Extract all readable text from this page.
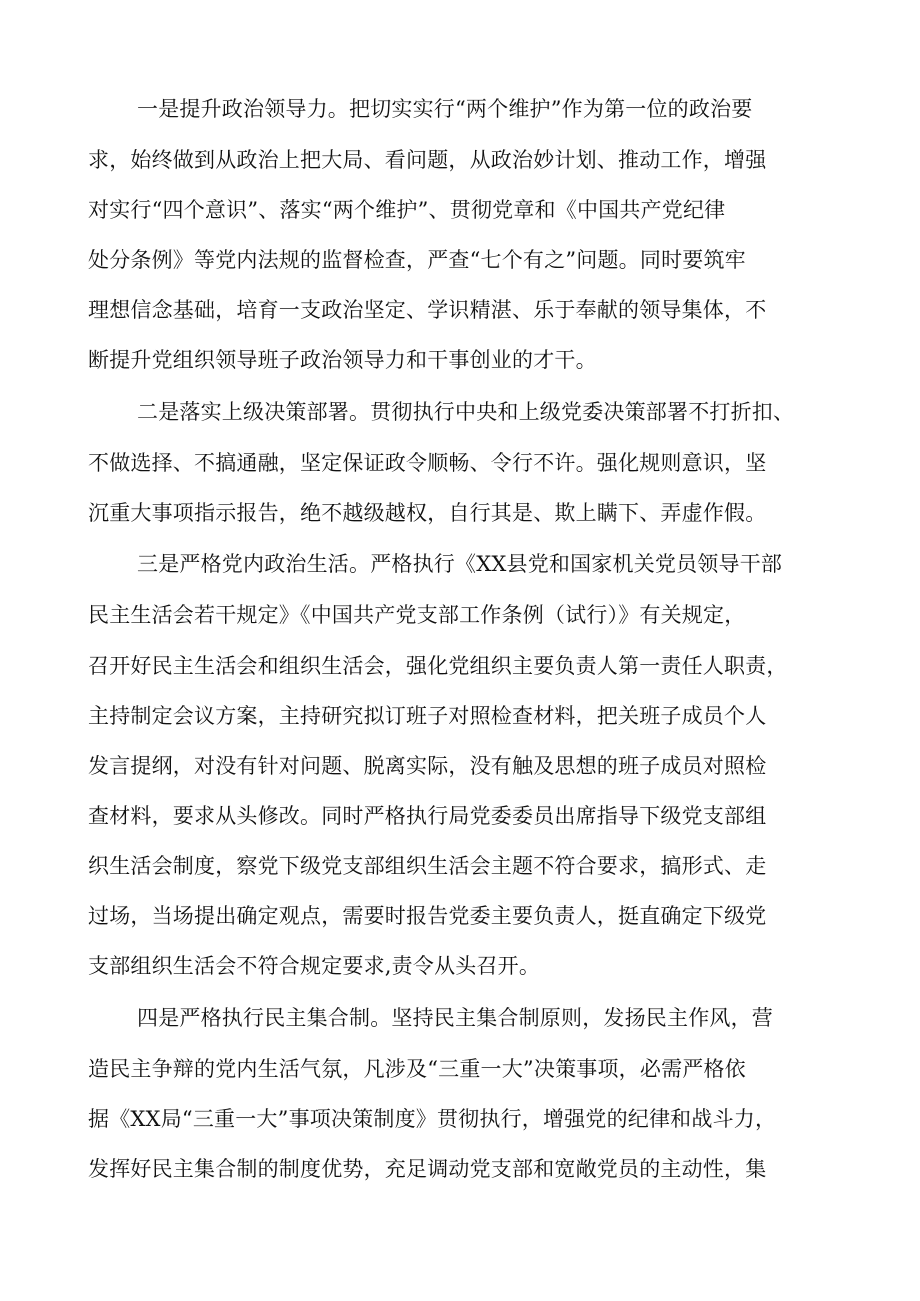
一是提升政治领导力。把切实实行“两个维护”作为第一位的政治要
求，始终做到从政治上把大局、看问题，从政治妙计划、推动工作，增强
对实行“四个意识”、落实“两个维护”、贯彻党章和《中国共产党纪律
处分条例》等党内法规的监督检查，严查“七个有之”问题。同时要筑牢
理想信念基础，培育一支政治坚定、学识精湛、乐于奉献的领导集体，不
断提升党组织领导班子政治领导力和干事创业的才干。
二是落实上级决策部署。贯彻执行中央和上级党委决策部署不打折扣、
不做选择、不搞通融，坚定保证政令顺畅、令行不许。强化规则意识，坚
沉重大事项指示报告，绝不越级越权，自行其是、欺上瞒下、弄虚作假。
三是严格党内政治生活。严格执行《XX县党和国家机关党员领导干部
民主生活会若干规定》《中国共产党支部工作条例（试行）》有关规定，
召开好民主生活会和组织生活会，强化党组织主要负责人第一责任人职责，
主持制定会议方案，主持研究拟订班子对照检查材料，把关班子成员个人
发言提纲，对没有针对问题、脱离实际，没有触及思想的班子成员对照检
查材料，要求从头修改。同时严格执行局党委委员出席指导下级党支部组
织生活会制度，察党下级党支部组织生活会主题不符合要求，搞形式、走
过场，当场提出确定观点，需要时报告党委主要负责人，挺直确定下级党
支部组织生活会不符合规定要求,责令从头召开。
四是严格执行民主集合制。坚持民主集合制原则，发扬民主作风，营
造民主争辩的党内生活气氛，凡涉及“三重一大”决策事项，必需严格依
据《XX局“三重一大”事项决策制度》贯彻执行，增强党的纪律和战斗力，
发挥好民主集合制的制度优势，充足调动党支部和宽敞党员的主动性，集
